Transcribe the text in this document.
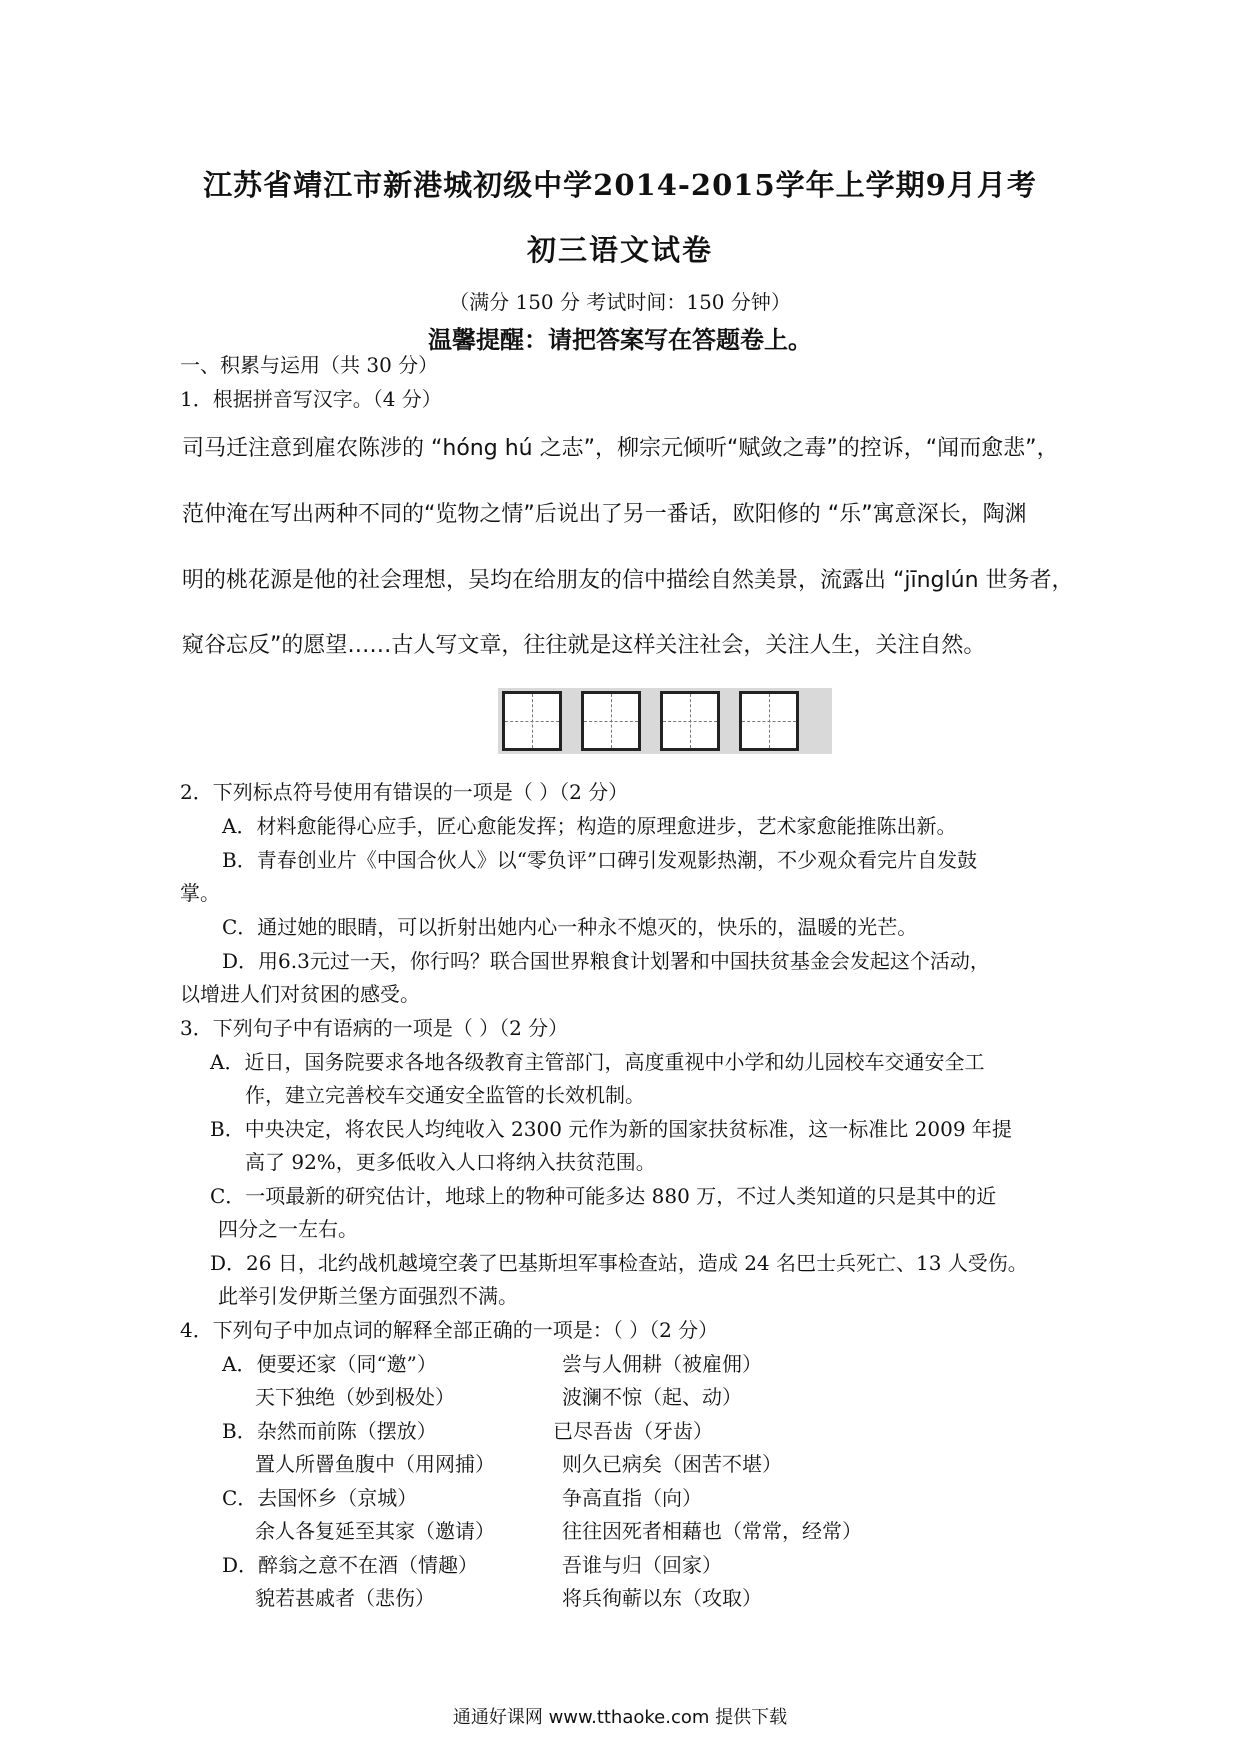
江苏省靖江市新港城初级中学2014-2015学年上学期9月月考
初三语文试卷
（满分 150 分 考试时间：150 分钟）
温馨提醒：请把答案写在答题卷上。
一、积累与运用（共 30 分）
1．根据拼音写汉字。（4 分）
司马迁注意到雇农陈涉的 “hóng hú 之志”，柳宗元倾听“赋敛之毒”的控诉，“闻而愈悲”，
范仲淹在写出两种不同的“览物之情”后说出了另一番话，欧阳修的 “乐”寓意深长，陶渊
明的桃花源是他的社会理想，吴均在给朋友的信中描绘自然美景，流露出 “jīnglún 世务者，
窥谷忘反”的愿望……古人写文章，往往就是这样关注社会，关注人生，关注自然。
2．下列标点符号使用有错误的一项是（ ）（2 分）
A．材料愈能得心应手，匠心愈能发挥；构造的原理愈进步，艺术家愈能推陈出新。
B．青春创业片《中国合伙人》以“零负评”口碑引发观影热潮，不少观众看完片自发鼓
掌。
C．通过她的眼睛，可以折射出她内心一种永不熄灭的，快乐的，温暖的光芒。
D．用6.3元过一天，你行吗？联合国世界粮食计划署和中国扶贫基金会发起这个活动，
以增进人们对贫困的感受。
3．下列句子中有语病的一项是（ ）（2 分）
A．近日，国务院要求各地各级教育主管部门，高度重视中小学和幼儿园校车交通安全工
作，建立完善校车交通安全监管的长效机制。
B．中央决定，将农民人均纯收入 2300 元作为新的国家扶贫标准，这一标准比 2009 年提
高了 92%，更多低收入人口将纳入扶贫范围。
C．一项最新的研究估计，地球上的物种可能多达 880 万，不过人类知道的只是其中的近
四分之一左右。
D．26 日，北约战机越境空袭了巴基斯坦军事检查站，造成 24 名巴士兵死亡、13 人受伤。
此举引发伊斯兰堡方面强烈不满。
4．下列句子中加点词的解释全部正确的一项是：（ ）（2 分）
A．便要还家（同“邀”）
天下独绝（妙到极处）
B．杂然而前陈（摆放）
置人所罾鱼腹中（用网捕）
C．去国怀乡（京城）
余人各复延至其家（邀请）
D．醉翁之意不在酒（情趣）
貌若甚戚者（悲伤）
尝与人佣耕（被雇佣）
波澜不惊（起、动）
已尽吾齿（牙齿）
则久已病矣（困苦不堪）
争高直指（向）
往往因死者相藉也（常常，经常）
吾谁与归（回家）
将兵徇蕲以东（攻取）
通通好课网 www.tthaoke.com 提供下载
